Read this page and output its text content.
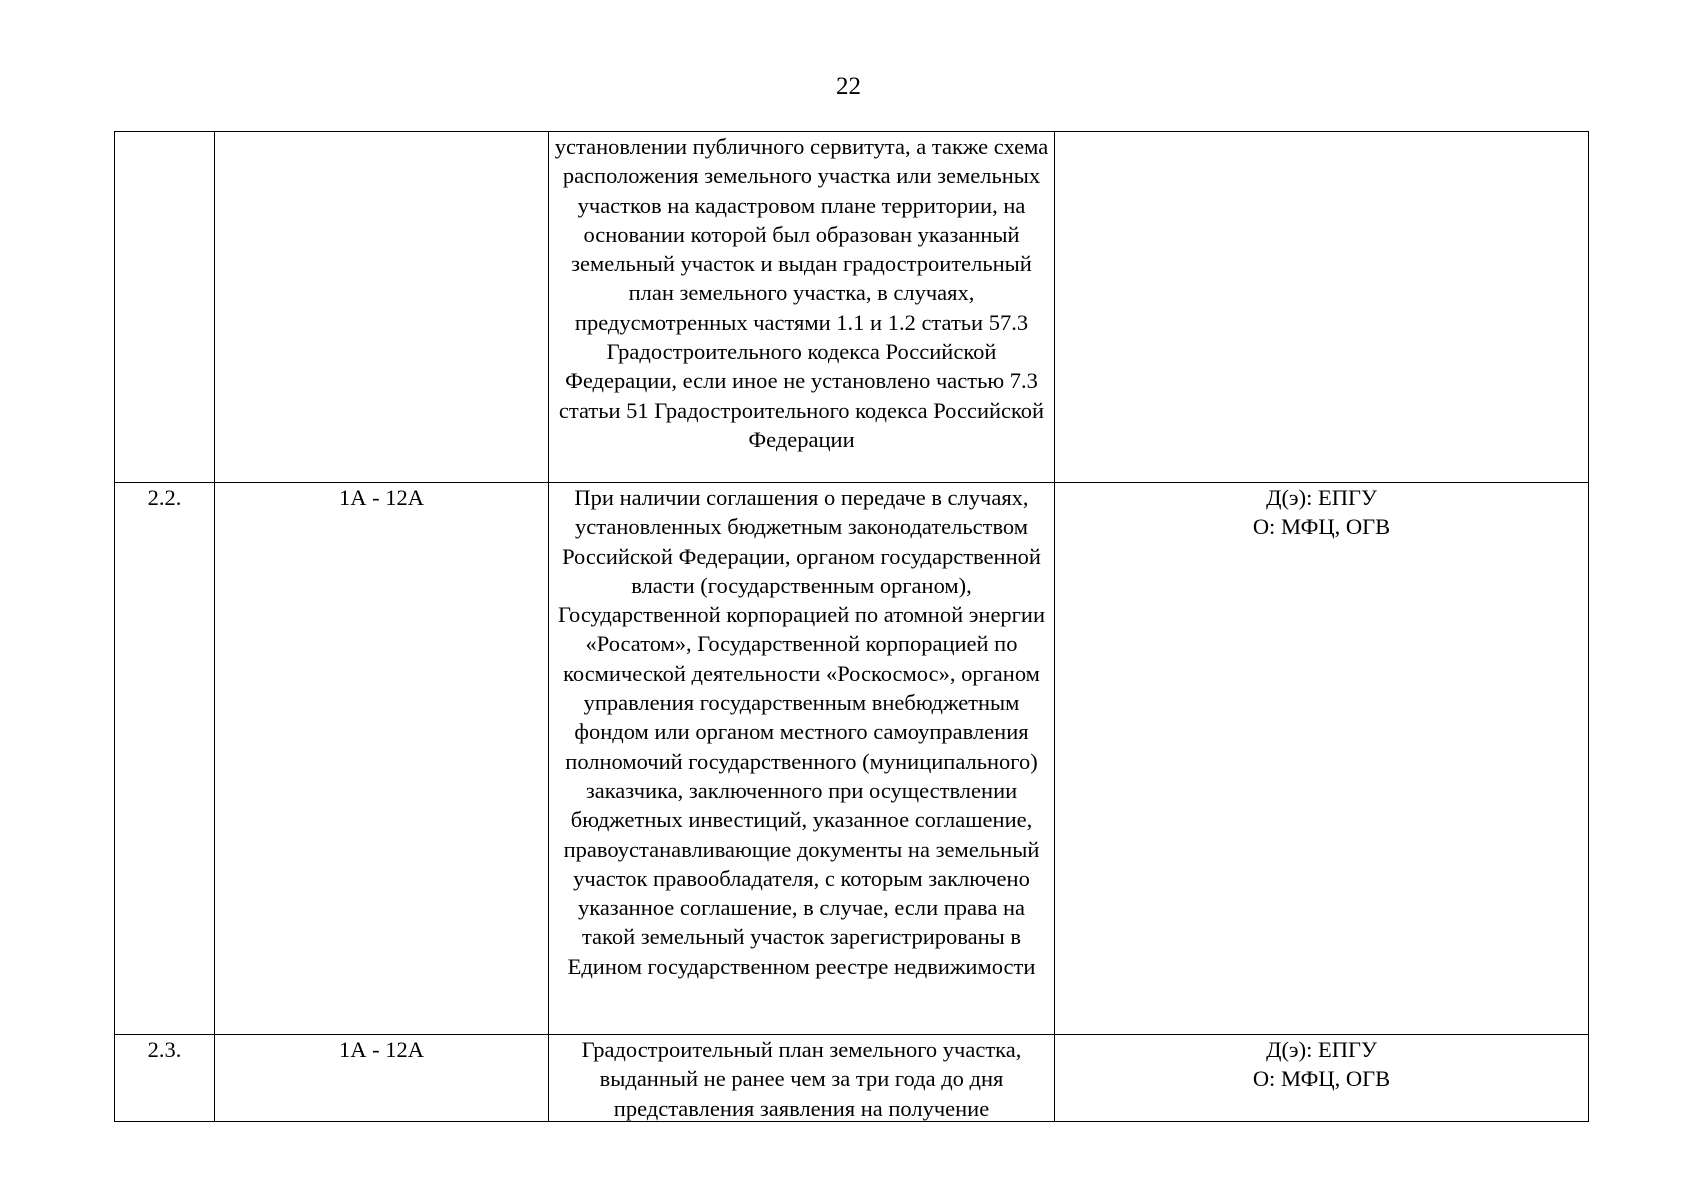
22

		установлении публичного сервитута, а также схема расположения земельного участка или земельных участков на кадастровом плане территории, на основании которой был образован указанный земельный участок и выдан градостроительный план земельного участка, в случаях, предусмотренных частями 1.1 и 1.2 статьи 57.3 Градостроительного кодекса Российской Федерации, если иное не установлено частью 7.3 статьи 51 Градостроительного кодекса Российской Федерации	

2.2.	1А - 12А	При наличии соглашения о передаче в случаях, установленных бюджетным законодательством Российской Федерации, органом государственной власти (государственным органом), Государственной корпорацией по атомной энергии «Росатом», Государственной корпорацией по космической деятельности «Роскосмос», органом управления государственным внебюджетным фондом или органом местного самоуправления полномочий государственного (муниципального) заказчика, заключенного при осуществлении бюджетных инвестиций, указанное соглашение, правоустанавливающие документы на земельный участок правообладателя, с которым заключено указанное соглашение, в случае, если права на такой земельный участок зарегистрированы в Едином государственном реестре недвижимости	Д(э): ЕПГУ
О: МФЦ, ОГВ

2.3.	1А - 12А	Градостроительный план земельного участка, выданный не ранее чем за три года до дня представления заявления на получение	Д(э): ЕПГУ
О: МФЦ, ОГВ
